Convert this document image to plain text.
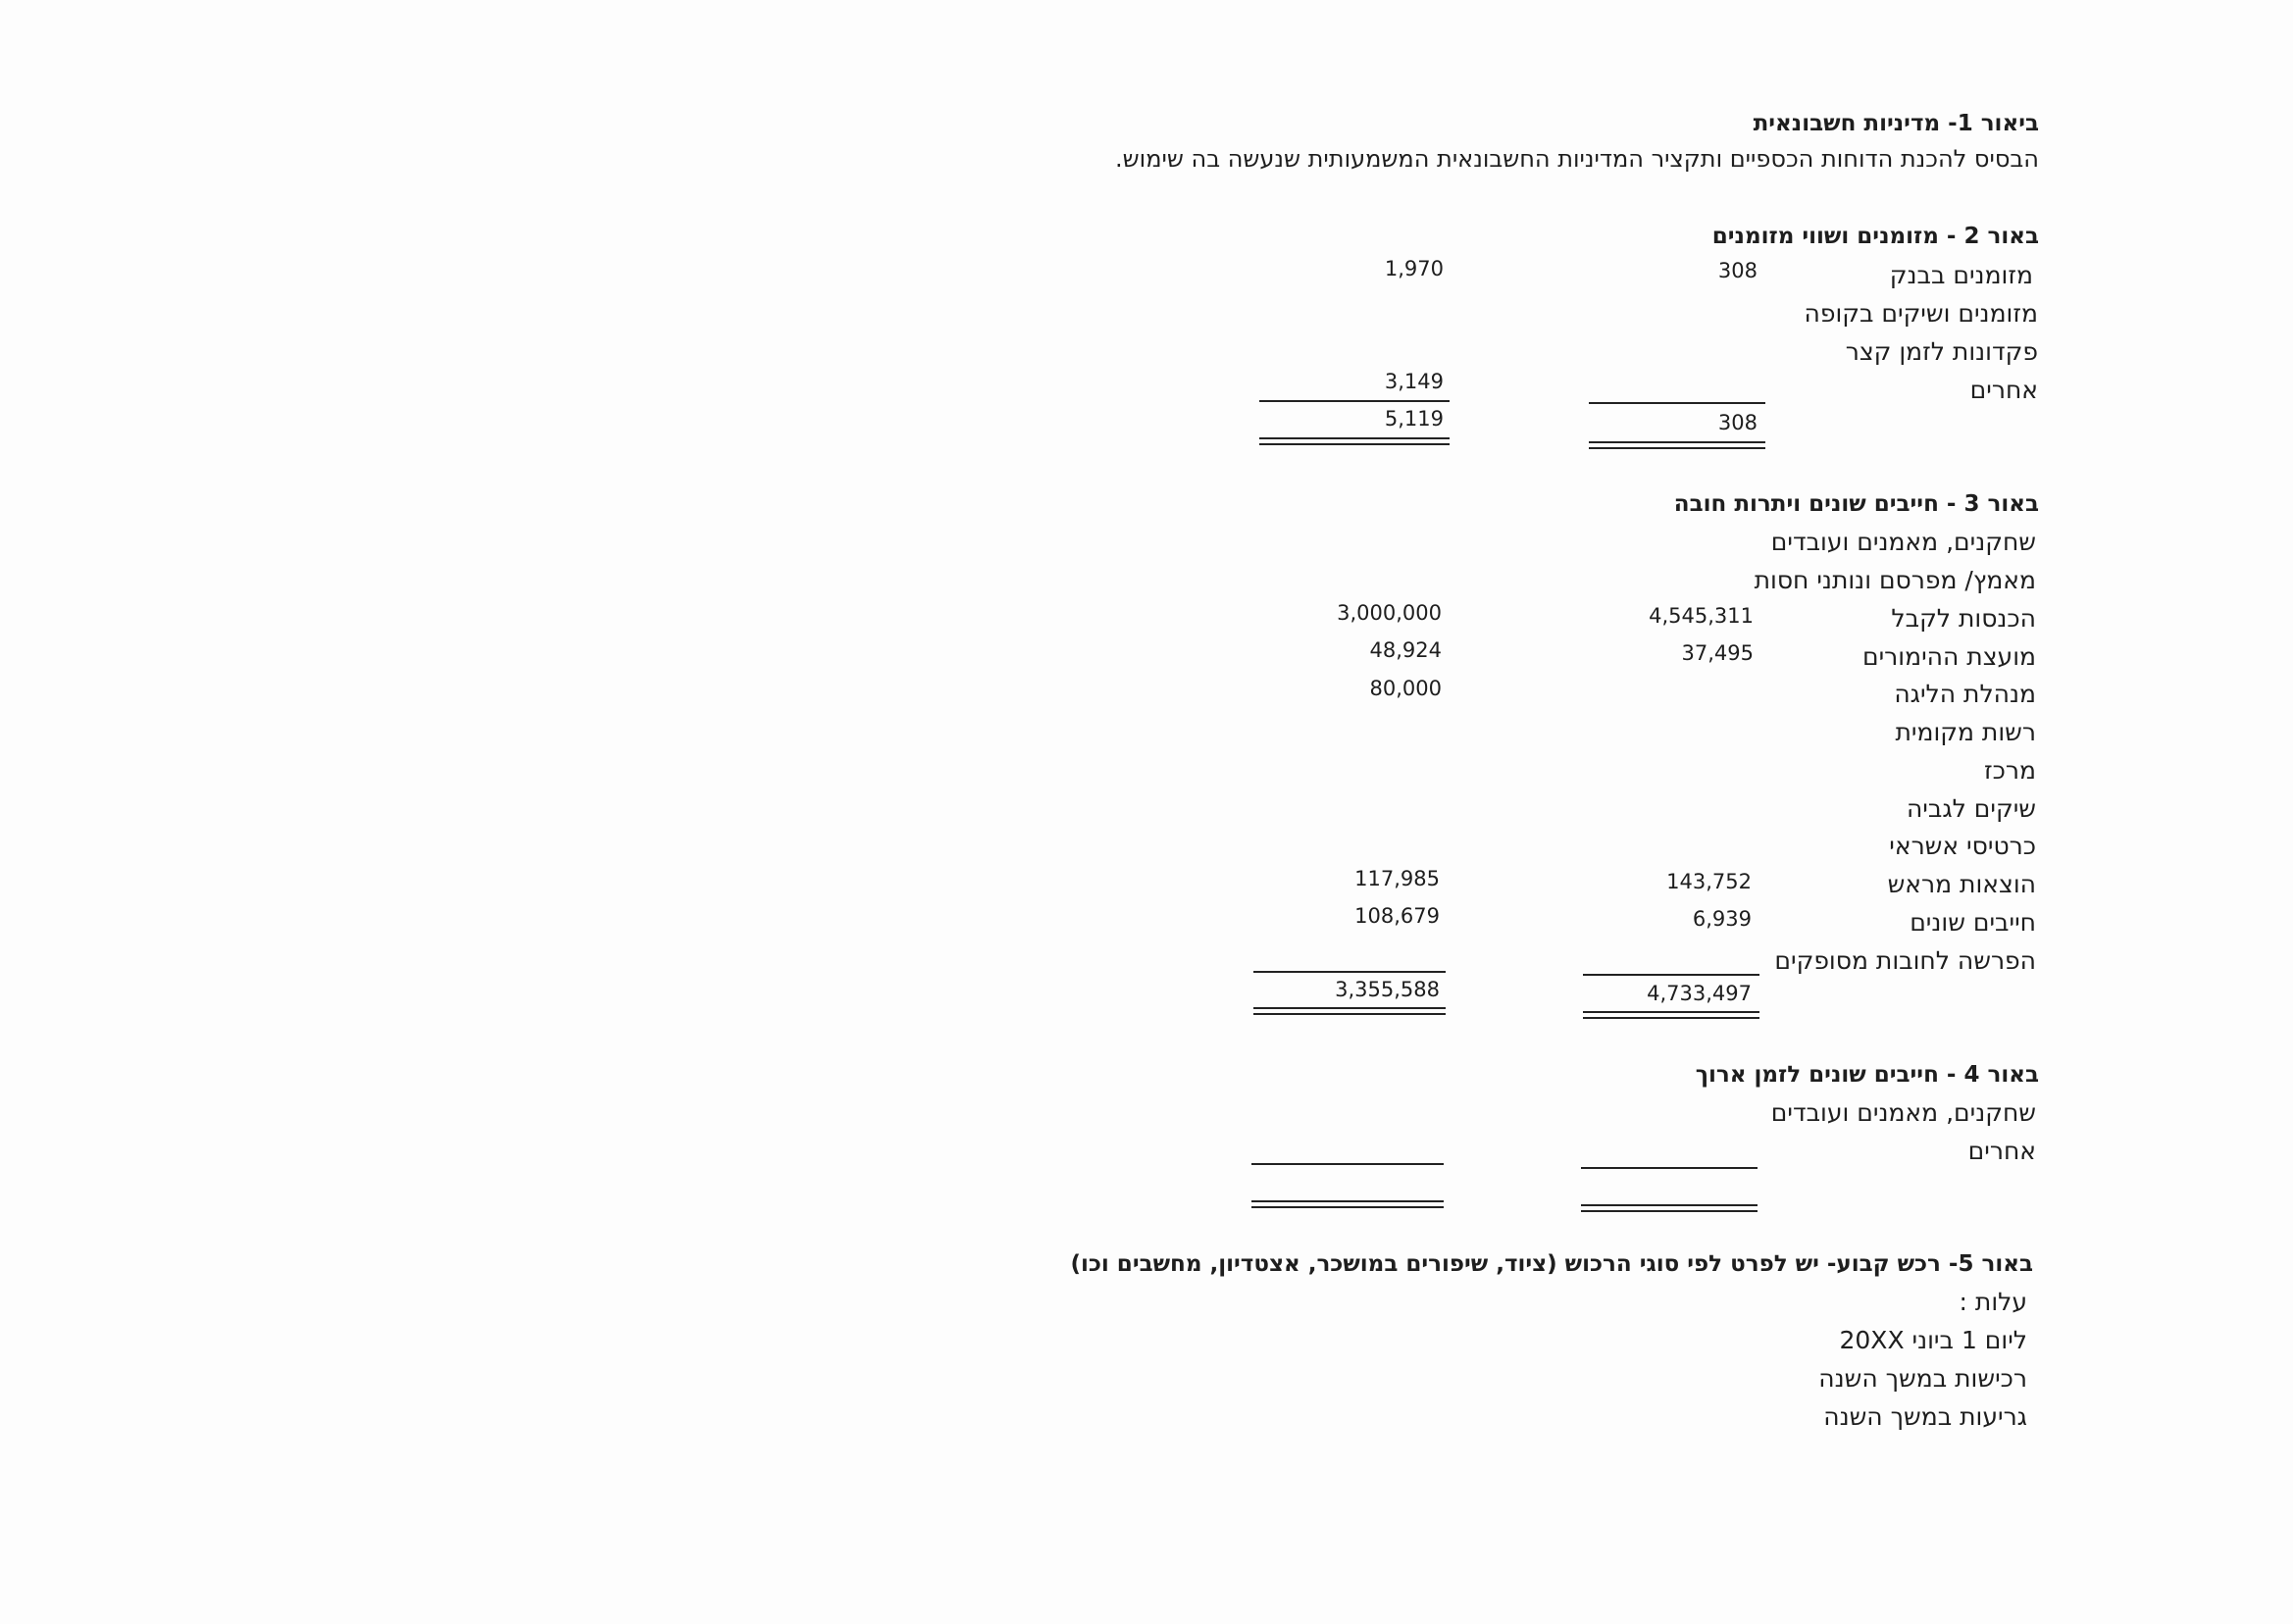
ביאור 1- מדיניות חשבונאית
הבסיס להכנת הדוחות הכספיים ותקציר המדיניות החשבונאית המשמעותית שנעשה בה שימוש.
באור 2 - מזומנים ושווי מזומנים
מזומנים בבנק
308
1,970
מזומנים ושיקים בקופה
פקדונות לזמן קצר
אחרים
3,149
308
5,119
באור 3 - חייבים שונים ויתרות חובה
שחקנים, מאמנים ועובדים
מאמץ/ מפרסם ונותני חסות
הכנסות לקבל
4,545,311
3,000,000
מועצת ההימורים
37,495
48,924
מנהלת הליגה
80,000
רשות מקומית
מרכז
שיקים לגביה
כרטיסי אשראי
הוצאות מראש
143,752
117,985
חייבים שונים
6,939
108,679
הפרשה לחובות מסופקים
4,733,497
3,355,588
באור 4 - חייבים שונים לזמן ארוך
שחקנים, מאמנים ועובדים
אחרים
באור 5- רכש קבוע- יש לפרט לפי סוגי הרכוש (ציוד, שיפורים במושכר, אצטדיון, מחשבים וכו)
עלות :
ליום 1 ביוני 20XX
רכישות במשך השנה
גריעות במשך השנה
